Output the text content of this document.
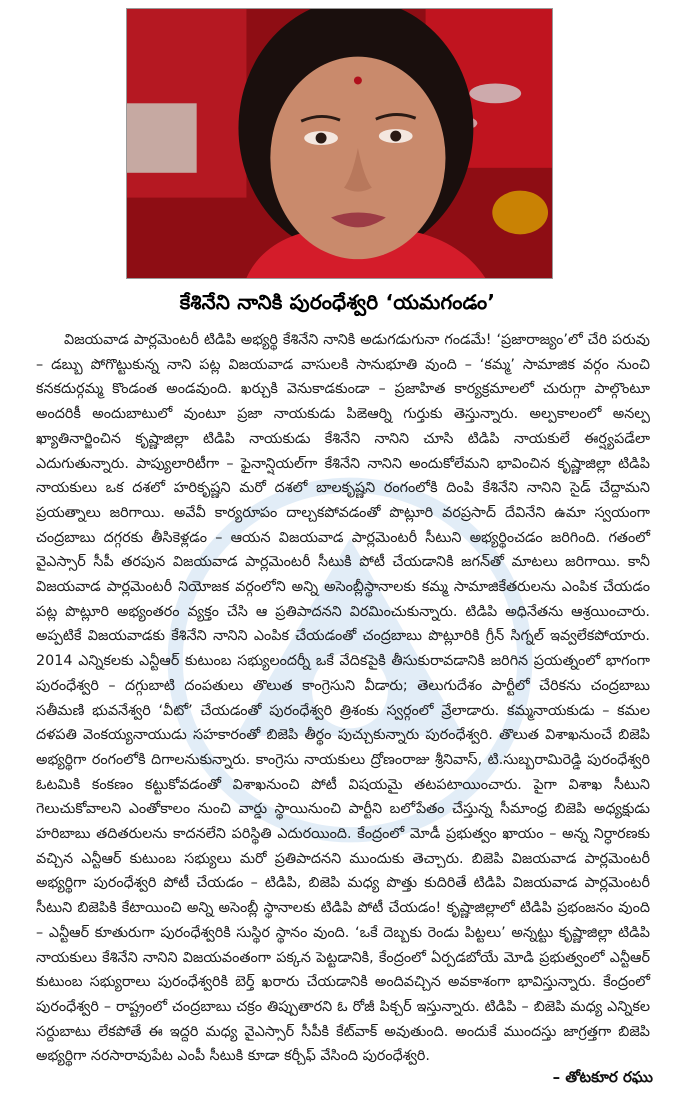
కేశినేని నానికి పురంధేశ్వరి ‘యమగండం’

విజయవాడ పార్లమెంటరీ టిడిపి అభ్యర్థి కేశినేని నానికి అడుగడుగునా గండమే! ‘ప్రజారాజ్యం’లో చేరి పరువు – డబ్బు పోగొట్టుకున్న నాని పట్ల విజయవాడ వాసులకి సానుభూతి వుంది – ‘కమ్మ’ సామాజిక వర్గం నుంచి కనకదుర్గమ్మ కొండంత అండవుంది. ఖర్చుకి వెనుకాడకుండా – ప్రజాహిత కార్యక్రమాలలో చురుగ్గా పాల్గొంటూ అందరికీ అందుబాటులో వుంటూ ప్రజా నాయకుడు పిఙెఆర్ని గుర్తుకు తెస్తున్నారు. అల్పకాలంలో అనల్ప ఖ్యాతినార్జించిన కృష్ణాజిల్లా టిడిపి నాయకుడు కేశినేని నానిని చూసి టిడిపి నాయకులే ఈర్ష్యపడేలా ఎదుగుతున్నారు. పాప్యులారిటీగా – ఫైనాన్షియల్‌గా కేశినేని నానిని అందుకోలేమని భావించిన కృష్ణాజిల్లా టిడిపి నాయకులు ఒక దశలో హరికృష్ణని మరో దశలో బాలకృష్ణని రంగంలోకి దింపి కేశినేని నానిని సైడ్ చేద్దామని ప్రయత్నాలు జరిగాయి. అవేవీ కార్యరూపం దాల్చకపోవడంతో పొట్లూరి వరప్రసాద్ దేవినేని ఉమా స్వయంగా చంద్రబాబు దగ్గరకు తీసికెళ్లడం – ఆయన విజయవాడ పార్లమెంటరీ సీటుని అభ్యర్థించడం జరిగింది. గతంలో వైఎస్సార్ సీపీ తరపున విజయవాడ పార్లమెంటరీ సీటుకి పోటీ చేయడానికి జగన్‌తో మాటలు జరిగాయి. కానీ విజయవాడ పార్లమెంటరీ నియోజక వర్గంలోని అన్ని అసెంబ్లీస్థానాలకు కమ్మ సామాజికేతరులను ఎంపిక చేయడం పట్ల పొట్లూరి అభ్యంతరం వ్యక్తం చేసి ఆ ప్రతిపాదనని విరమించుకున్నారు. టిడిపి అధినేతను ఆశ్రయించారు. అప్పటికే విజయవాడకు కేశినేని నానిని ఎంపిక చేయడంతో చంద్రబాబు పొట్లూరికి గ్రీన్ సిగ్నల్ ఇవ్వలేకపోయారు. 2014 ఎన్నికలకు ఎన్టీఆర్ కుటుంబ సభ్యులందర్నీ ఒకే వేదికపైకి తీసుకురావడానికి జరిగిన ప్రయత్నంలో భాగంగా పురంధేశ్వరి – దగ్గుబాటి దంపతులు తొలుత కాంగ్రెసుని వీడారు; తెలుగుదేశం పార్టీలో చేరికను చంద్రబాబు సతీమణి భువనేశ్వరి ‘వీటో’ చేయడంతో పురంధేశ్వరి త్రిశంకు స్వర్గంలో వ్రేలాడారు. కమ్మనాయకుడు – కమల దళపతి వెంకయ్యనాయుడు సహకారంతో బిజెపి తీర్థం పుచ్చుకున్నారు పురంధేశ్వరి. తొలుత విశాఖనుంచే బిజెపి అభ్యర్థిగా రంగంలోకి దిగాలనుకున్నారు. కాంగ్రెసు నాయకులు ద్రోణంరాజు శ్రీనివాస్, టి.సుబ్బరామిరెడ్డి పురంధేశ్వరి ఓటమికి కంకణం కట్టుకోవడంతో విశాఖనుంచి పోటీ విషయమై తటపటాయించారు. పైగా విశాఖ సీటుని గెలుచుకోవాలని ఎంతోకాలం నుంచి వార్డు స్థాయినుంచి పార్టీని బలోపేతం చేస్తున్న సీమాంధ్ర బిజెపి అధ్యక్షుడు హరిబాబు తదితరులను కాదనలేని పరిస్థితి ఎదురయింది. కేంద్రంలో మోడీ ప్రభుత్వం ఖాయం – అన్న నిర్ధారణకు వచ్చిన ఎన్టీఆర్ కుటుంబ సభ్యులు మరో ప్రతిపాదనని ముందుకు తెచ్చారు. బిజెపి విజయవాడ పార్లమెంటరీ అభ్యర్థిగా పురంధేశ్వరి పోటీ చేయడం – టిడిపి, బిజెపి మధ్య పొత్తు కుదిరితే టిడిపి విజయవాడ పార్లమెంటరీ సీటుని బిజెపికి కేటాయించి అన్ని అసెంబ్లీ స్థానాలకు టిడిపి పోటీ చేయడం! కృష్ణాజిల్లాలో టిడిపి ప్రభంజనం వుంది – ఎన్టీఆర్ కూతురుగా పురంధేశ్వరికి సుస్థిర స్థానం వుంది. ‘ఒకే దెబ్బకు రెండు పిట్టలు’ అన్నట్టు కృష్ణాజిల్లా టిడిపి నాయకులు కేశినేని నానిని విజయవంతంగా పక్కన పెట్టడానికి, కేంద్రంలో ఏర్పడబోయే మోడి ప్రభుత్వంలో ఎన్టీఆర్ కుటుంబ సభ్యురాలు పురంధేశ్వరికి బెర్త్ ఖరారు చేయడానికి అందివచ్చిన అవకాశంగా భావిస్తున్నారు. కేంద్రంలో పురంధేశ్వరి – రాష్ట్రంలో చంద్రబాబు చక్రం తిప్పుతారని ఓ రోజీ పిక్చర్ ఇస్తున్నారు. టిడిపి – బిజెపి మధ్య ఎన్నికల సర్దుబాటు లేకపోతే ఈ ఇద్దరి మధ్య వైఎస్సార్ సీపీకి కేట్‌వాక్ అవుతుంది. అందుకే ముందస్తు జాగ్రత్తగా బిజెపి అభ్యర్థిగా నరసారావుపేట ఎంపీ సీటుకి కూడా కర్చీఫ్ వేసింది పురంధేశ్వరి.

– తోటకూర రఘు
